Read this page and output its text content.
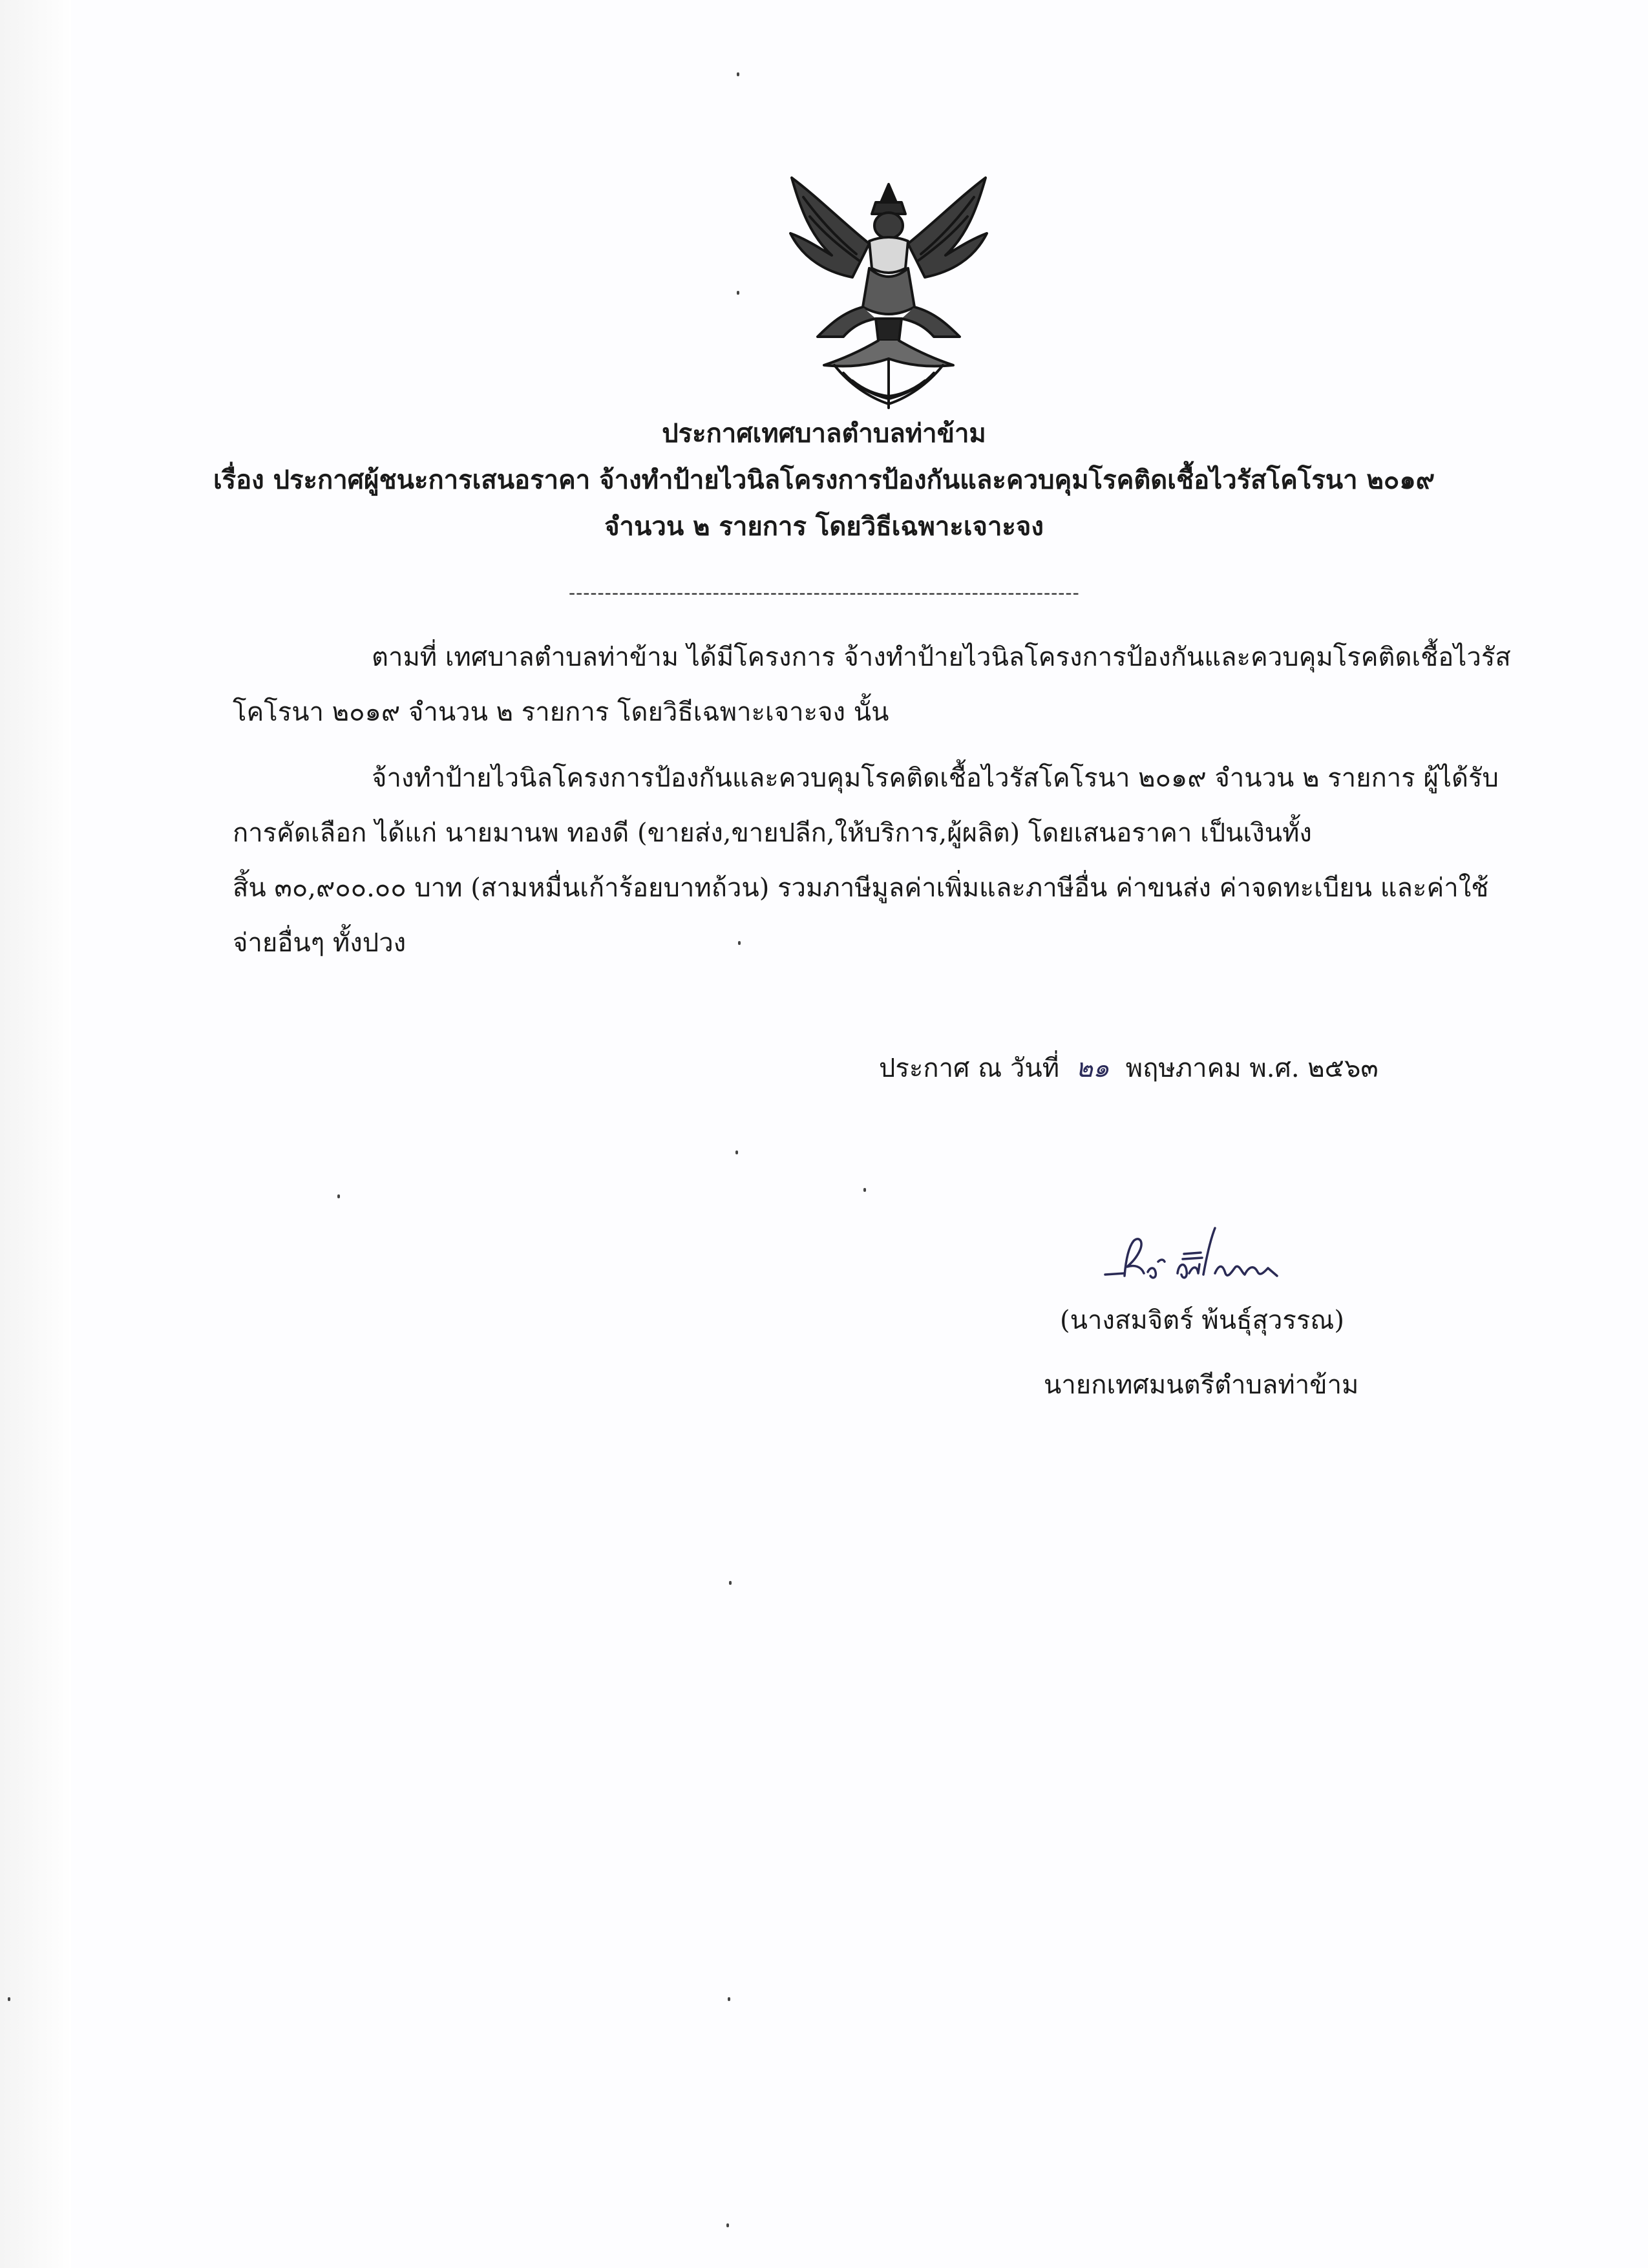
ประกาศเทศบาลตำบลท่าข้าม
เรื่อง ประกาศผู้ชนะการเสนอราคา จ้างทำป้ายไวนิลโครงการป้องกันและควบคุมโรคติดเชื้อไวรัสโคโรนา ๒๐๑๙
จำนวน ๒ รายการ โดยวิธีเฉพาะเจาะจง
-----------------------------------------------------------------------
ตามที่ เทศบาลตำบลท่าข้าม ได้มีโครงการ จ้างทำป้ายไวนิลโครงการป้องกันและควบคุมโรคติดเชื้อไวรัส
โคโรนา ๒๐๑๙ จำนวน ๒ รายการ โดยวิธีเฉพาะเจาะจง นั้น
จ้างทำป้ายไวนิลโครงการป้องกันและควบคุมโรคติดเชื้อไวรัสโคโรนา ๒๐๑๙ จำนวน ๒ รายการ ผู้ได้รับ
การคัดเลือก ได้แก่ นายมานพ ทองดี (ขายส่ง,ขายปลีก,ให้บริการ,ผู้ผลิต) โดยเสนอราคา เป็นเงินทั้ง
สิ้น ๓๐,๙๐๐.๐๐ บาท (สามหมื่นเก้าร้อยบาทถ้วน) รวมภาษีมูลค่าเพิ่มและภาษีอื่น ค่าขนส่ง ค่าจดทะเบียน และค่าใช้
จ่ายอื่นๆ ทั้งปวง
ประกาศ ณ วันที่ ๒๑ พฤษภาคม พ.ศ. ๒๕๖๓
(นางสมจิตร์ พ้นธุ์สุวรรณ)
นายกเทศมนตรีตำบลท่าข้าม
